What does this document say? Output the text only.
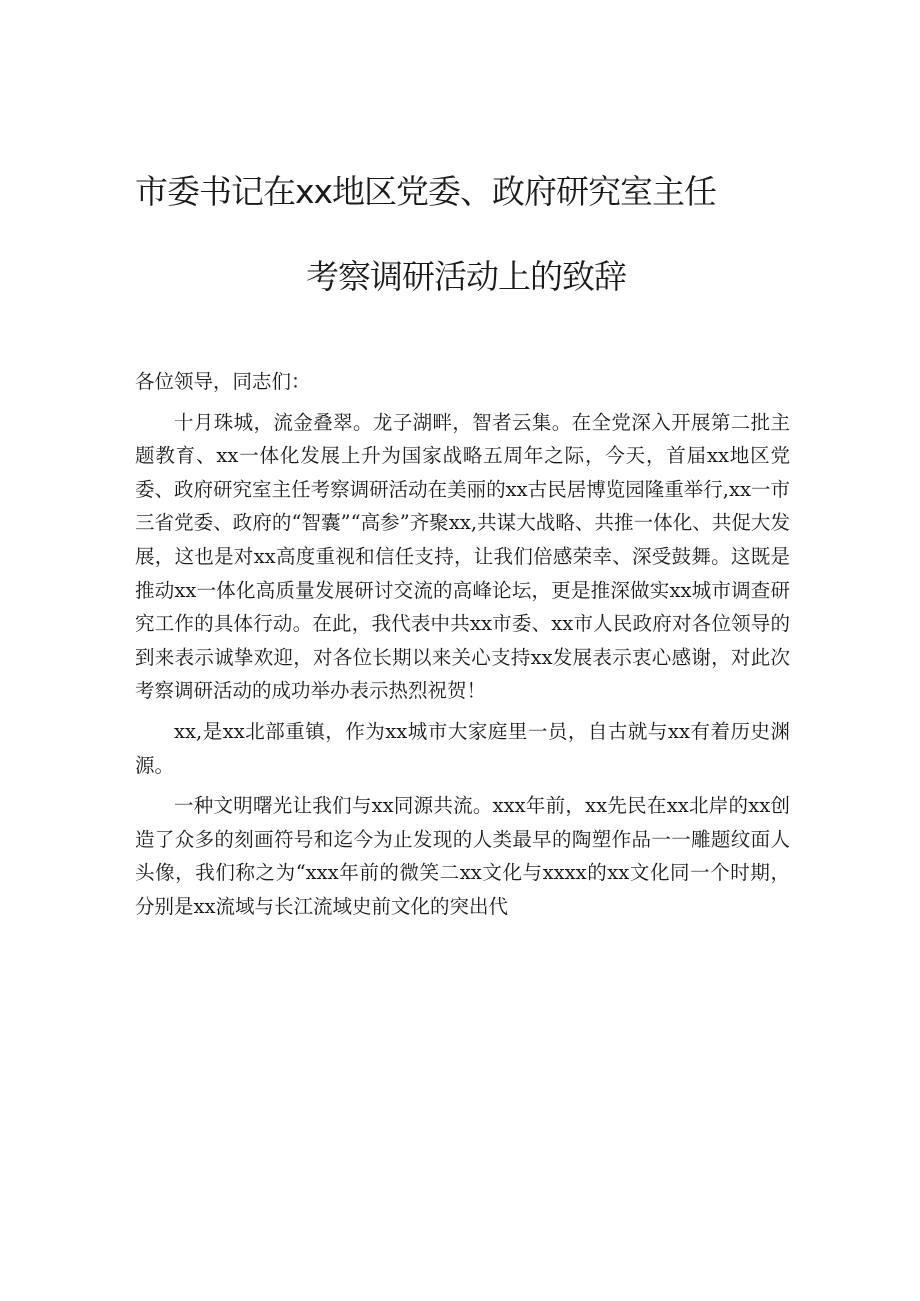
市委书记在xx地区党委、政府研究室主任
考察调研活动上的致辞

各位领导，同志们：

十月珠城，流金叠翠。龙子湖畔，智者云集。在全党深入开展第二批主题教育、xx一体化发展上升为国家战略五周年之际，今天，首届xx地区党委、政府研究室主任考察调研活动在美丽的xx古民居博览园隆重举行,xx一市三省党委、政府的“智囊”“高参”齐聚xx,共谋大战略、共推一体化、共促大发展，这也是对xx高度重视和信任支持，让我们倍感荣幸、深受鼓舞。这既是推动xx一体化高质量发展研讨交流的高峰论坛，更是推深做实xx城市调查研究工作的具体行动。在此，我代表中共xx市委、xx市人民政府对各位领导的到来表示诚挚欢迎，对各位长期以来关心支持xx发展表示衷心感谢，对此次考察调研活动的成功举办表示热烈祝贺！

xx,是xx北部重镇，作为xx城市大家庭里一员，自古就与xx有着历史渊源。

一种文明曙光让我们与xx同源共流。xxx年前，xx先民在xx北岸的xx创造了众多的刻画符号和迄今为止发现的人类最早的陶塑作品一一雕题纹面人头像，我们称之为“xxx年前的微笑二xx文化与xxxx的xx文化同一个时期，分别是xx流域与长江流域史前文化的突出代
